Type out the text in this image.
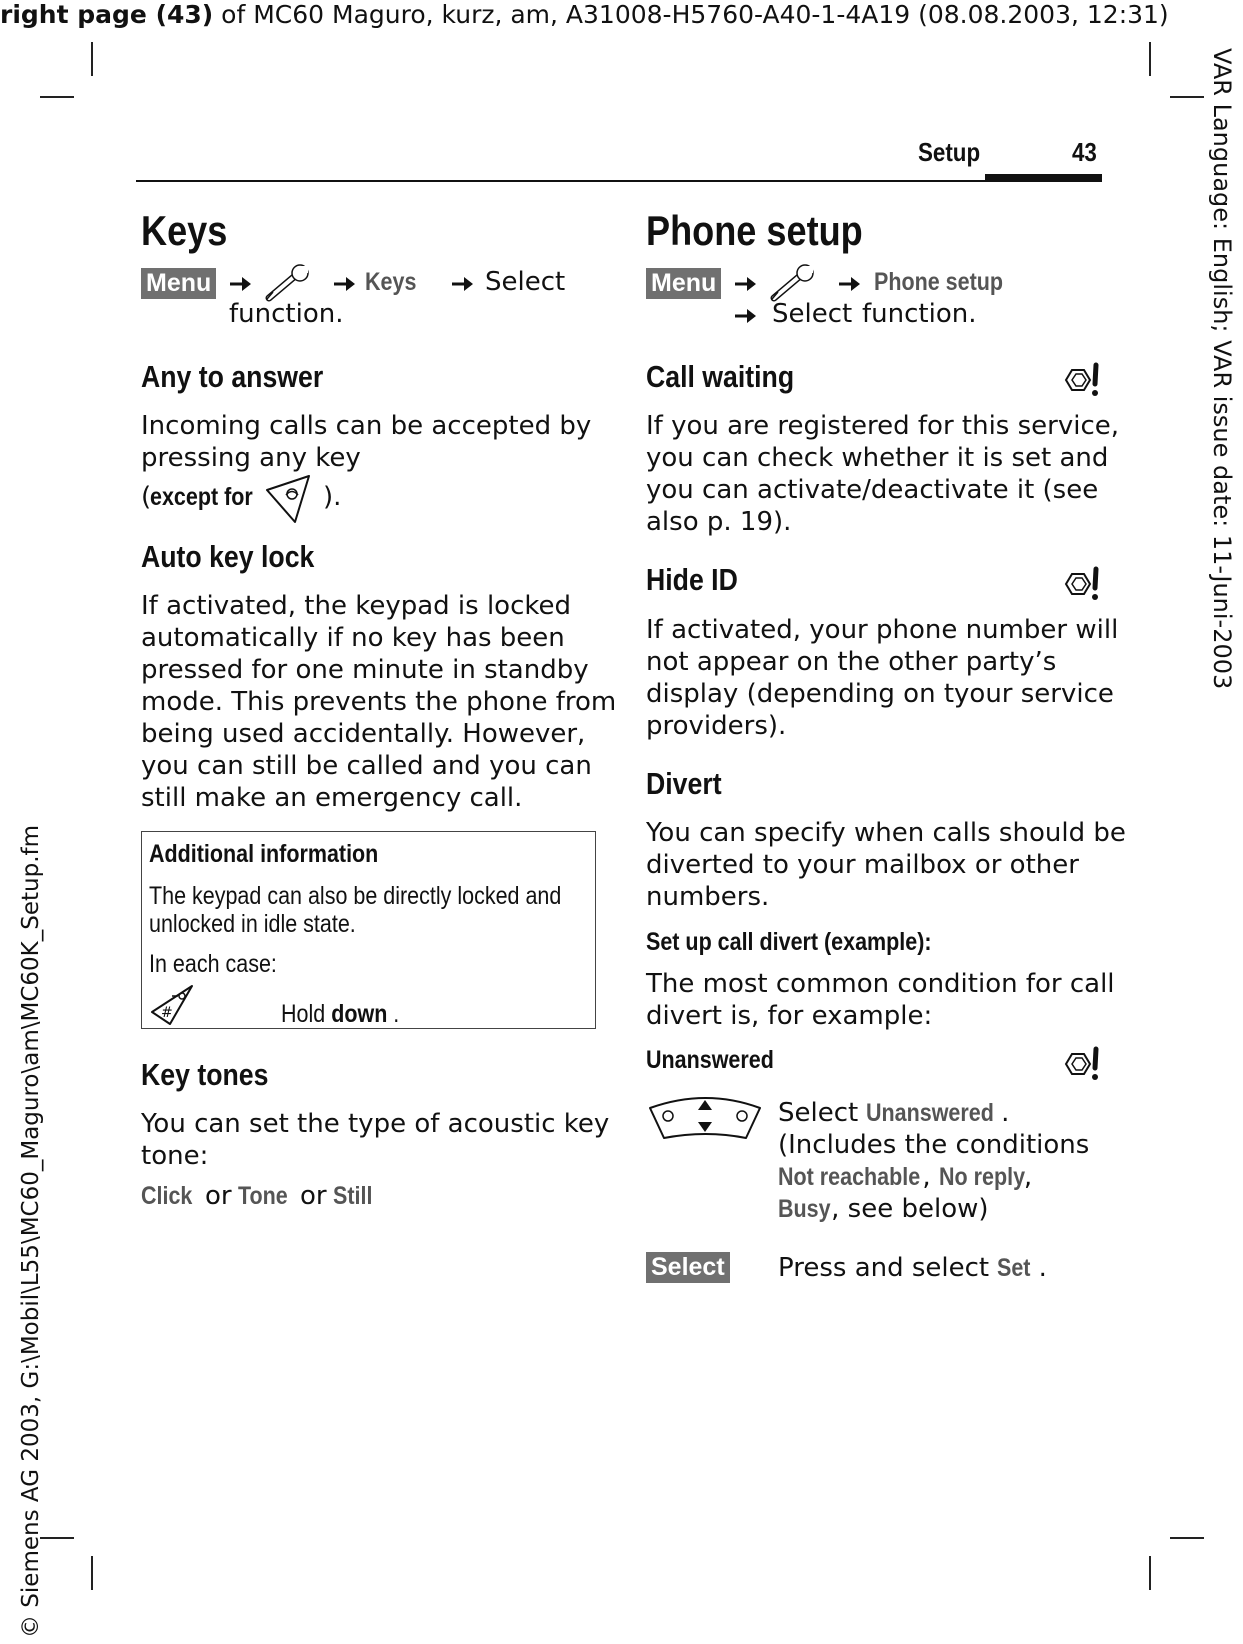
right page (43) of MC60 Maguro, kurz, am, A31008-H5760-A40-1-4A19 (08.08.2003, 12:31)
VAR Language: English; VAR issue date: 11-Juni-2003
© Siemens AG 2003, G:\Mobil\L55\MC60_Maguro\am\MC60K_Setup.fm
Setup	43
Keys
Menu	Keys	Select
function.
Any to answer

Incoming calls can be accepted by
pressing any key

(
except for	).
Auto key lock

If activated, the keypad is locked
automatically if no key has been
pressed for one minute in standby
mode. This prevents the phone from
being used accidentally. However,
you can still be called and you can
still make an emergency call.

Additional information
The keypad can also be directly locked and
unlocked in idle state.
In each case:
#	Hold down .
Key tones

You can set the type of acoustic key
tone:

Click or Tone or Still
Phone setup
Menu	Phone setup
Select function.
Call waiting

If you are registered for this service,
you can check whether it is set and
you can activate/deactivate it (see
also p. 19).

Hide ID

If activated, your phone number will
not appear on the other party’s
display (depending on tyour service
providers).

Divert

You can specify when calls should be
diverted to your mailbox or other
numbers.

Set up call divert (example):

The most common condition for call
divert is, for example:

Unanswered

Select Unanswered .
(Includes the conditions
Not reachable, No reply,
Busy, see below)

Select Press and select Set .
